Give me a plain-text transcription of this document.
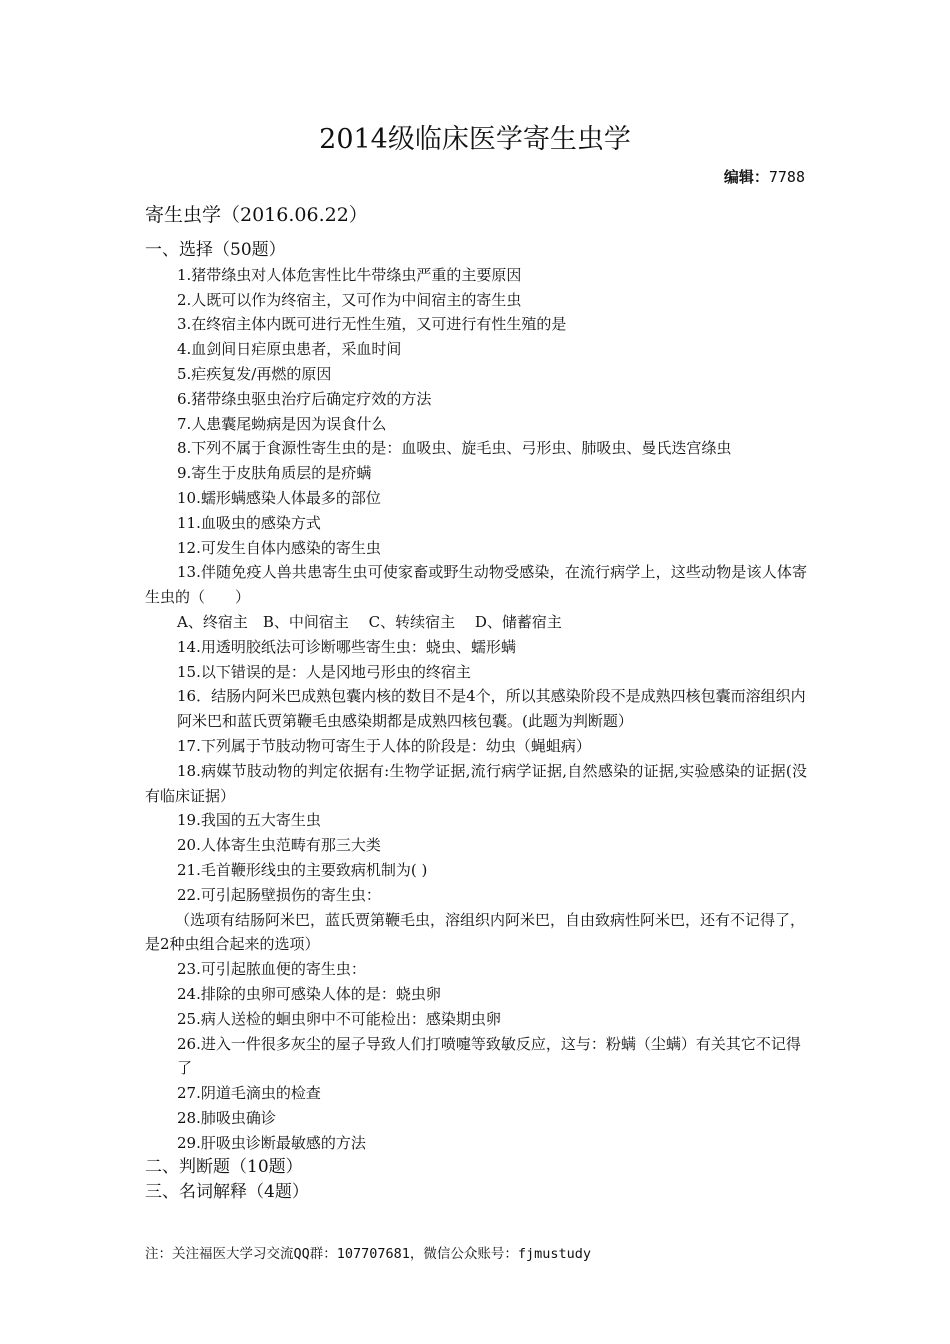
2014级临床医学寄生虫学
编辑：7788
寄生虫学（2016.06.22）
一、选择（50题）
1.猪带绦虫对人体危害性比牛带绦虫严重的主要原因
2.人既可以作为终宿主，又可作为中间宿主的寄生虫
3.在终宿主体内既可进行无性生殖，又可进行有性生殖的是
4.血剑间日疟原虫患者，采血时间
5.疟疾复发/再燃的原因
6.猪带绦虫驱虫治疗后确定疗效的方法
7.人患囊尾蚴病是因为误食什么
8.下列不属于食源性寄生虫的是：血吸虫、旋毛虫、弓形虫、肺吸虫、曼氏迭宫绦虫
9.寄生于皮肤角质层的是疥螨
10.蠕形螨感染人体最多的部位
11.血吸虫的感染方式
12.可发生自体内感染的寄生虫
13.伴随免疫人兽共患寄生虫可使家畜或野生动物受感染，在流行病学上，这些动物是该人体寄生虫的（　　）
A、终宿主　B、中间宿主　 C、转续宿主　 D、储蓄宿主
14.用透明胶纸法可诊断哪些寄生虫：蛲虫、蠕形螨
15.以下错误的是：人是冈地弓形虫的终宿主
16．结肠内阿米巴成熟包囊内核的数目不是4个，所以其感染阶段不是成熟四核包囊而溶组织内阿米巴和蓝氏贾第鞭毛虫感染期都是成熟四核包囊。(此题为判断题）
17.下列属于节肢动物可寄生于人体的阶段是：幼虫（蝇蛆病）
18.病媒节肢动物的判定依据有:生物学证据,流行病学证据,自然感染的证据,实验感染的证据(没有临床证据）
19.我国的五大寄生虫
20.人体寄生虫范畴有那三大类
21.毛首鞭形线虫的主要致病机制为( )
22.可引起肠壁损伤的寄生虫：
（选项有结肠阿米巴，蓝氏贾第鞭毛虫，溶组织内阿米巴，自由致病性阿米巴，还有不记得了，是2种虫组合起来的选项）
23.可引起脓血便的寄生虫：
24.排除的虫卵可感染人体的是：蛲虫卵
25.病人送检的蛔虫卵中不可能检出：感染期虫卵
26.进入一件很多灰尘的屋子导致人们打喷嚏等致敏反应，这与：粉螨（尘螨）有关其它不记得了
27.阴道毛滴虫的检查
28.肺吸虫确诊
29.肝吸虫诊断最敏感的方法
二、判断题（10题）
三、名词解释（4题）
注：关注福医大学习交流QQ群：107707681，微信公众账号：fjmustudy
